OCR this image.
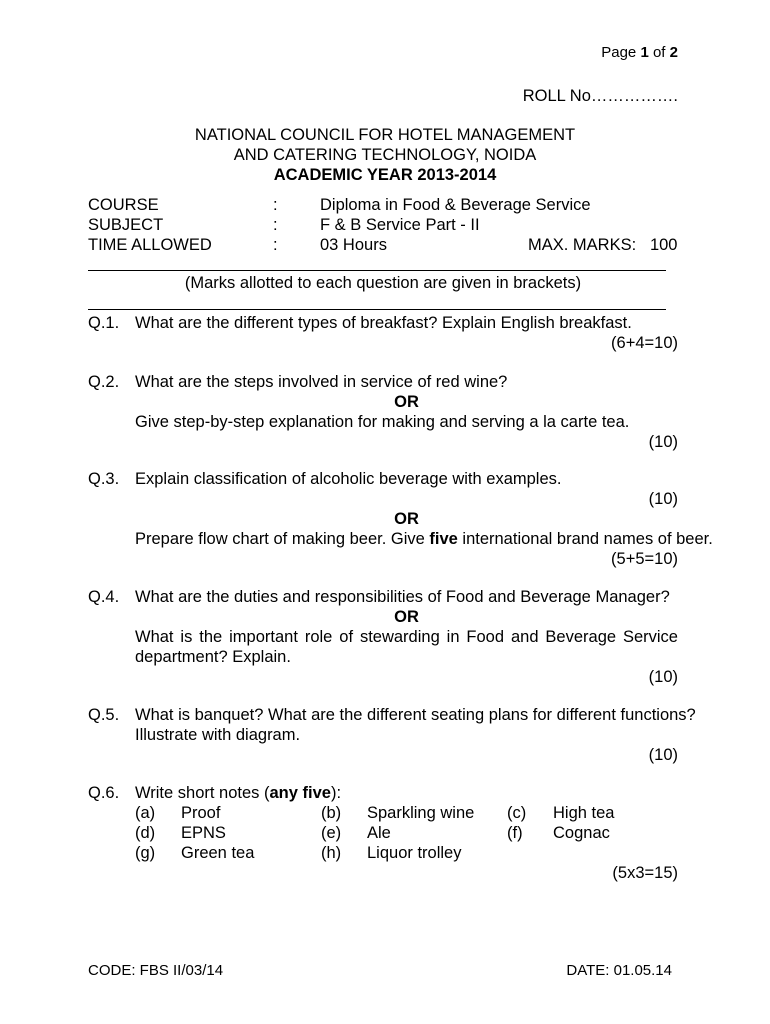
Page 1 of 2
ROLL No…………….
NATIONAL COUNCIL FOR HOTEL MANAGEMENT
AND CATERING TECHNOLOGY, NOIDA
ACADEMIC YEAR 2013-2014
COURSE	:	Diploma in Food & Beverage Service
SUBJECT	:	F & B Service Part - II
TIME ALLOWED	:	03 Hours	MAX. MARKS: 100
(Marks allotted to each question are given in brackets)
Q.1. What are the different types of breakfast? Explain English breakfast.
(6+4=10)
Q.2. What are the steps involved in service of red wine?
OR
Give step-by-step explanation for making and serving a la carte tea.
(10)
Q.3. Explain classification of alcoholic beverage with examples.
(10)
OR
Prepare flow chart of making beer. Give five international brand names of beer.
(5+5=10)
Q.4. What are the duties and responsibilities of Food and Beverage Manager?
OR
What is the important role of stewarding in Food and Beverage Service
department? Explain.
(10)
Q.5. What is banquet? What are the different seating plans for different functions?
Illustrate with diagram.
(10)
Q.6. Write short notes (any five):
(a) Proof	(b) Sparkling wine (c) High tea
(d) EPNS	(e) Ale	(f) Cognac
(g) Green tea	(h) Liquor trolley
(5x3=15)
CODE: FBS II/03/14	DATE: 01.05.14
